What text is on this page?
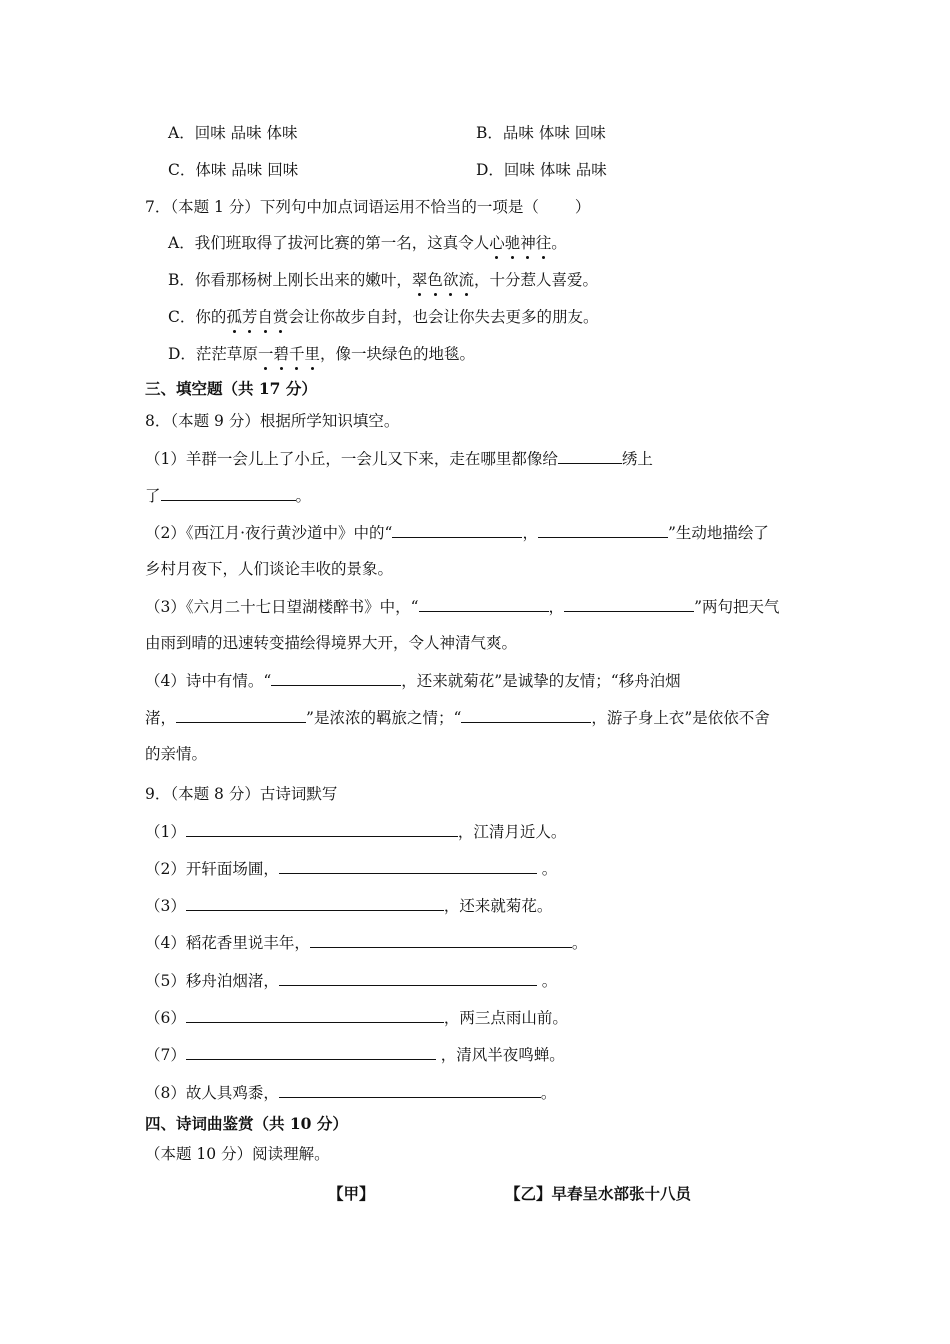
A．回味 品味 体味	B．品味 体味 回味
C．体味 品味 回味	D．回味 体味 品味
7．（本题 1 分）下列句中加点词语运用不恰当的一项是（ ）
A．我们班取得了拔河比赛的第一名，这真令人心驰神往。
B．你看那杨树上刚长出来的嫩叶，翠色欲流，十分惹人喜爱。
C．你的孤芳自赏会让你故步自封，也会让你失去更多的朋友。
D．茫茫草原一碧千里，像一块绿色的地毯。
三、填空题（共 17 分）
8．（本题 9 分）根据所学知识填空。
（1）羊群一会儿上了小丘，一会儿又下来，走在哪里都像给	绣上
了	。
（2）《西江月·夜行黄沙道中》中的“	，	”生动地描绘了
乡村月夜下，人们谈论丰收的景象。
（3）《六月二十七日望湖楼醉书》中，“	，	”两句把天气
由雨到晴的迅速转变描绘得境界大开，令人神清气爽。
（4）诗中有情。“	，还来就菊花”是诚挚的友情；“移舟泊烟
渚，	”是浓浓的羁旅之情；“	，游子身上衣”是依依不舍
的亲情。
9．（本题 8 分）古诗词默写
（1）	，江清月近人。
（2）开轩面场圃，	。
（3）	，还来就菊花。
（4）稻花香里说丰年，	。
（5）移舟泊烟渚，	。
（6）	，两三点雨山前。
（7）	，清风半夜鸣蝉。
（8）故人具鸡黍，	。
四、诗词曲鉴赏（共 10 分）
（本题 10 分）阅读理解。
【甲】	【乙】早春呈水部张十八员
